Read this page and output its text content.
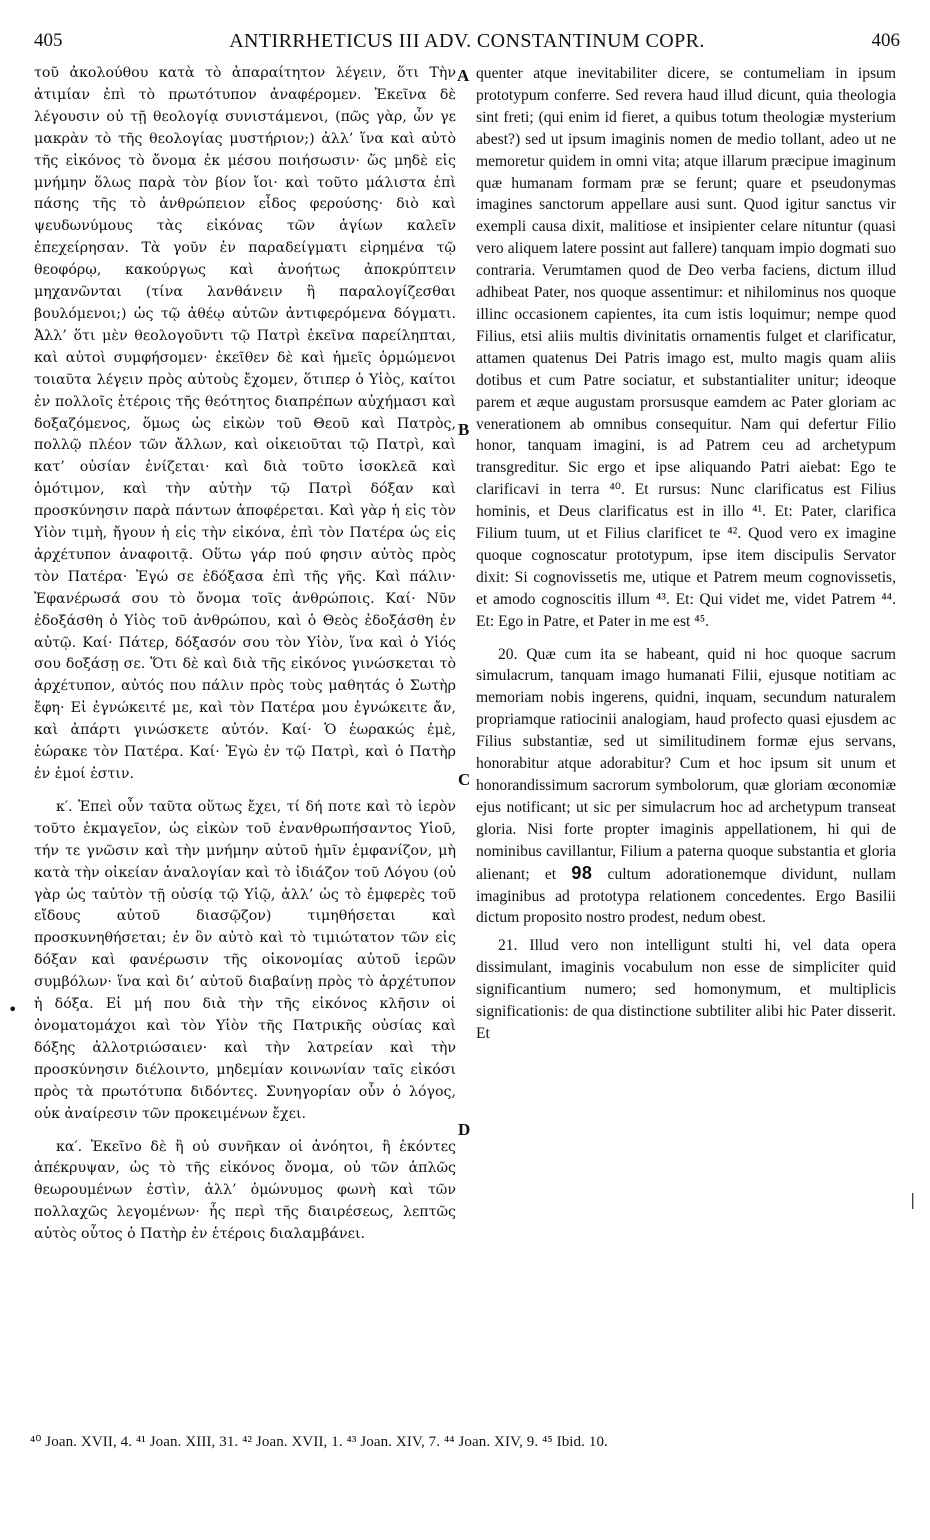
405	ANTIRRHETICUS III ADV. CONSTANTINUM COPR.	406

τοῦ ἀκολούθου κατὰ τὸ ἀπαραίτητον λέγειν, ὅτι Τὴν ἀτιμίαν ἐπὶ τὸ πρωτότυπον ἀναφέρομεν. Ἐκεῖνα δὲ λέγουσιν οὐ τῇ θεολογίᾳ συνιστάμενοι, (πῶς γὰρ, ὧν γε μακρὰν τὸ τῆς θεολογίας μυστήριον;) ἀλλ’ ἵνα καὶ αὐτὸ τῆς εἰκόνος τὸ ὄνομα ἐκ μέσου ποιήσωσιν· ὥς μηδὲ εἰς μνήμην ὅλως παρὰ τὸν βίον ἴοι· καὶ τοῦτο μάλιστα ἐπὶ πάσης τῆς τὸ ἀνθρώπειον εἶδος φερούσης· διὸ καὶ ψευδωνύμους τὰς εἰκόνας τῶν ἁγίων καλεῖν ἐπεχείρησαν. Τὰ γοῦν ἐν παραδείγματι εἰρημένα τῷ θεοφόρῳ, κακούργως καὶ ἀνοήτως ἀποκρύπτειν μηχανῶνται (τίνα λανθάνειν ἢ παραλογίζεσθαι βουλόμενοι;) ὡς τῷ ἀθέῳ αὐτῶν ἀντιφερόμενα δόγματι. Ἀλλ’ ὅτι μὲν θεολογοῦντι τῷ Πατρὶ ἐκεῖνα παρείληπται, καὶ αὐτοὶ συμφήσομεν· ἐκεῖθεν δὲ καὶ ἡμεῖς ὁρμώμενοι τοιαῦτα λέγειν πρὸς αὐτοὺς ἔχομεν, ὅτιπερ ὁ Υἱὸς, καίτοι ἐν πολλοῖς ἑτέροις τῆς θεότητος διαπρέπων αὐχήμασι καὶ δοξαζόμενος, ὅμως ὡς εἰκὼν τοῦ Θεοῦ καὶ Πατρὸς, πολλῷ πλέον τῶν ἄλλων, καὶ οἰκειοῦται τῷ Πατρὶ, καὶ κατ’ οὐσίαν ἑνίζεται· καὶ διὰ τοῦτο ἰσοκλεᾶ καὶ ὁμότιμον, καὶ τὴν αὐτὴν τῷ Πατρὶ δόξαν καὶ προσκύνησιν παρὰ πάντων ἀποφέρεται. Καὶ γὰρ ἡ εἰς τὸν Υἱὸν τιμὴ, ἤγουν ἡ εἰς τὴν εἰκόνα, ἐπὶ τὸν Πατέρα ὡς εἰς ἀρχέτυπον ἀναφοιτᾷ. Οὕτω γάρ πού φησιν αὐτὸς πρὸς τὸν Πατέρα· Ἐγώ σε ἐδόξασα ἐπὶ τῆς γῆς. Καὶ πάλιν· Ἐφανέρωσά σου τὸ ὄνομα τοῖς ἀνθρώποις. Καί· Νῦν ἐδοξάσθη ὁ Υἱὸς τοῦ ἀνθρώπου, καὶ ὁ Θεὸς ἐδοξάσθη ἐν αὐτῷ. Καί· Πάτερ, δόξασόν σου τὸν Υἱὸν, ἵνα καὶ ὁ Υἱός σου δοξάσῃ σε. Ὅτι δὲ καὶ διὰ τῆς εἰκόνος γινώσκεται τὸ ἀρχέτυπον, αὐτός που πάλιν πρὸς τοὺς μαθητάς ὁ Σωτὴρ ἔφη· Εἰ ἐγνώκειτέ με, καὶ τὸν Πατέρα μου ἐγνώκειτε ἄν, καὶ ἀπάρτι γινώσκετε αὐτόν. Καί· Ὁ ἑωρακώς ἐμὲ, ἑώρακε τὸν Πατέρα. Καί· Ἐγὼ ἐν τῷ Πατρὶ, καὶ ὁ Πατὴρ ἐν ἐμοί ἐστιν.

κ′. Ἐπεὶ οὖν ταῦτα οὕτως ἔχει, τί δή ποτε καὶ τὸ ἱερὸν τοῦτο ἐκμαγεῖον, ὡς εἰκὼν τοῦ ἐνανθρωπήσαντος Υἱοῦ, τήν τε γνῶσιν καὶ τὴν μνήμην αὐτοῦ ἡμῖν ἐμφανίζον, μὴ κατὰ τὴν οἰκείαν ἀναλογίαν καὶ τὸ ἰδιάζον τοῦ Λόγου (οὐ γὰρ ὡς ταὐτὸν τῇ οὐσίᾳ τῷ Υἱῷ, ἀλλ’ ὡς τὸ ἐμφερὲς τοῦ εἴδους αὐτοῦ διασῷζον) τιμηθήσεται καὶ προσκυνηθήσεται; ἐν ὃν αὐτὸ καὶ τὸ τιμιώτατον τῶν εἰς δόξαν καὶ φανέρωσιν τῆς οἰκονομίας αὐτοῦ ἱερῶν συμβόλων· ἵνα καὶ δι’ αὐτοῦ διαβαίνῃ πρὸς τὸ ἀρχέτυπον ἡ δόξα. Εἰ μή που διὰ τὴν τῆς εἰκόνος κλῆσιν οἱ ὀνοματομάχοι καὶ τὸν Υἱὸν τῆς Πατρικῆς οὐσίας καὶ δόξης ἀλλοτριώσαιεν· καὶ τὴν λατρείαν καὶ τὴν προσκύνησιν διέλοιντο, μηδεμίαν κοινωνίαν ταῖς εἰκόσι πρὸς τὰ πρωτότυπα διδόντες. Συνηγορίαν οὖν ὁ λόγος, οὐκ ἀναίρεσιν τῶν προκειμένων ἔχει.

κα′. Ἐκεῖνο δὲ ἢ οὐ συνῆκαν οἱ ἀνόητοι, ἢ ἑκόντες ἀπέκρυψαν, ὡς τὸ τῆς εἰκόνος ὄνομα, οὐ τῶν ἁπλῶς θεωρουμένων ἐστὶν, ἀλλ’ ὁμώνυμος φωνὴ καὶ τῶν πολλαχῶς λεγομένων· ἧς περὶ τῆς διαιρέσεως, λεπτῶς αὐτὸς οὗτος ὁ Πατὴρ ἐν ἑτέροις διαλαμβάνει.

A
B
C
D

quenter atque inevitabiliter dicere, se contumeliam in ipsum prototypum conferre. Sed revera haud illud dicunt, quia theologia sint freti; (qui enim id fieret, a quibus totum theologiæ mysterium abest?) sed ut ipsum imaginis nomen de medio tollant, adeo ut ne memoretur quidem in omni vita; atque illarum præcipue imaginum quæ humanam formam præ se ferunt; quare et pseudonymas imagines sanctorum appellare ausi sunt. Quod igitur sanctus vir exempli causa dixit, malitiose et insipienter celare nituntur (quasi vero aliquem latere possint aut fallere) tanquam impio dogmati suo contraria. Verumtamen quod de Deo verba faciens, dictum illud adhibeat Pater, nos quoque assentimur: et nihilominus nos quoque illinc occasionem capientes, ita cum istis loquimur; nempe quod Filius, etsi aliis multis divinitatis ornamentis fulget et clarificatur, attamen quatenus Dei Patris imago est, multo magis quam aliis dotibus et cum Patre sociatur, et substantialiter unitur; ideoque parem et æque augustam prorsusque eamdem ac Pater gloriam ac venerationem ab omnibus consequitur. Nam qui defertur Filio honor, tanquam imagini, is ad Patrem ceu ad archetypum transgreditur. Sic ergo et ipse aliquando Patri aiebat: Ego te clarificavi in terra ⁴⁰. Et rursus: Nunc clarificatus est Filius hominis, et Deus clarificatus est in illo ⁴¹. Et: Pater, clarifica Filium tuum, ut et Filius clarificet te ⁴². Quod vero ex imagine quoque cognoscatur prototypum, ipse item discipulis Servator dixit: Si cognovissetis me, utique et Patrem meum cognovissetis, et amodo cognoscitis illum ⁴³. Et: Qui videt me, videt Patrem ⁴⁴. Et: Ego in Patre, et Pater in me est ⁴⁵.

20. Quæ cum ita se habeant, quid ni hoc quoque sacrum simulacrum, tanquam imago humanati Filii, ejusque notitiam ac memoriam nobis ingerens, quidni, inquam, secundum naturalem propriamque ratiocinii analogiam, haud profecto quasi ejusdem ac Filius substantiæ, sed ut similitudinem formæ ejus servans, honorabitur atque adorabitur? Cum et hoc ipsum sit unum et honorandissimum sacrorum symbolorum, quæ gloriam œconomiæ ejus notificant; ut sic per simulacrum hoc ad archetypum transeat gloria. Nisi forte propter imaginis appellationem, hi qui de nominibus cavillantur, Filium a paterna quoque substantia et gloria alienant; et 98 cultum adorationemque dividunt, nullam imaginibus ad prototypa relationem concedentes. Ergo Basilii dictum proposito nostro prodest, nedum obest.

21. Illud vero non intelligunt stulti hi, vel data opera dissimulant, imaginis vocabulum non esse de simpliciter quid significantium numero; sed homonymum, et multiplicis significationis: de qua distinctione subtiliter alibi hic Pater disserit. Et

•
|
⁴⁰ Joan. XVII, 4. ⁴¹ Joan. XIII, 31. ⁴² Joan. XVII, 1. ⁴³ Joan. XIV, 7. ⁴⁴ Joan. XIV, 9. ⁴⁵ Ibid. 10.
